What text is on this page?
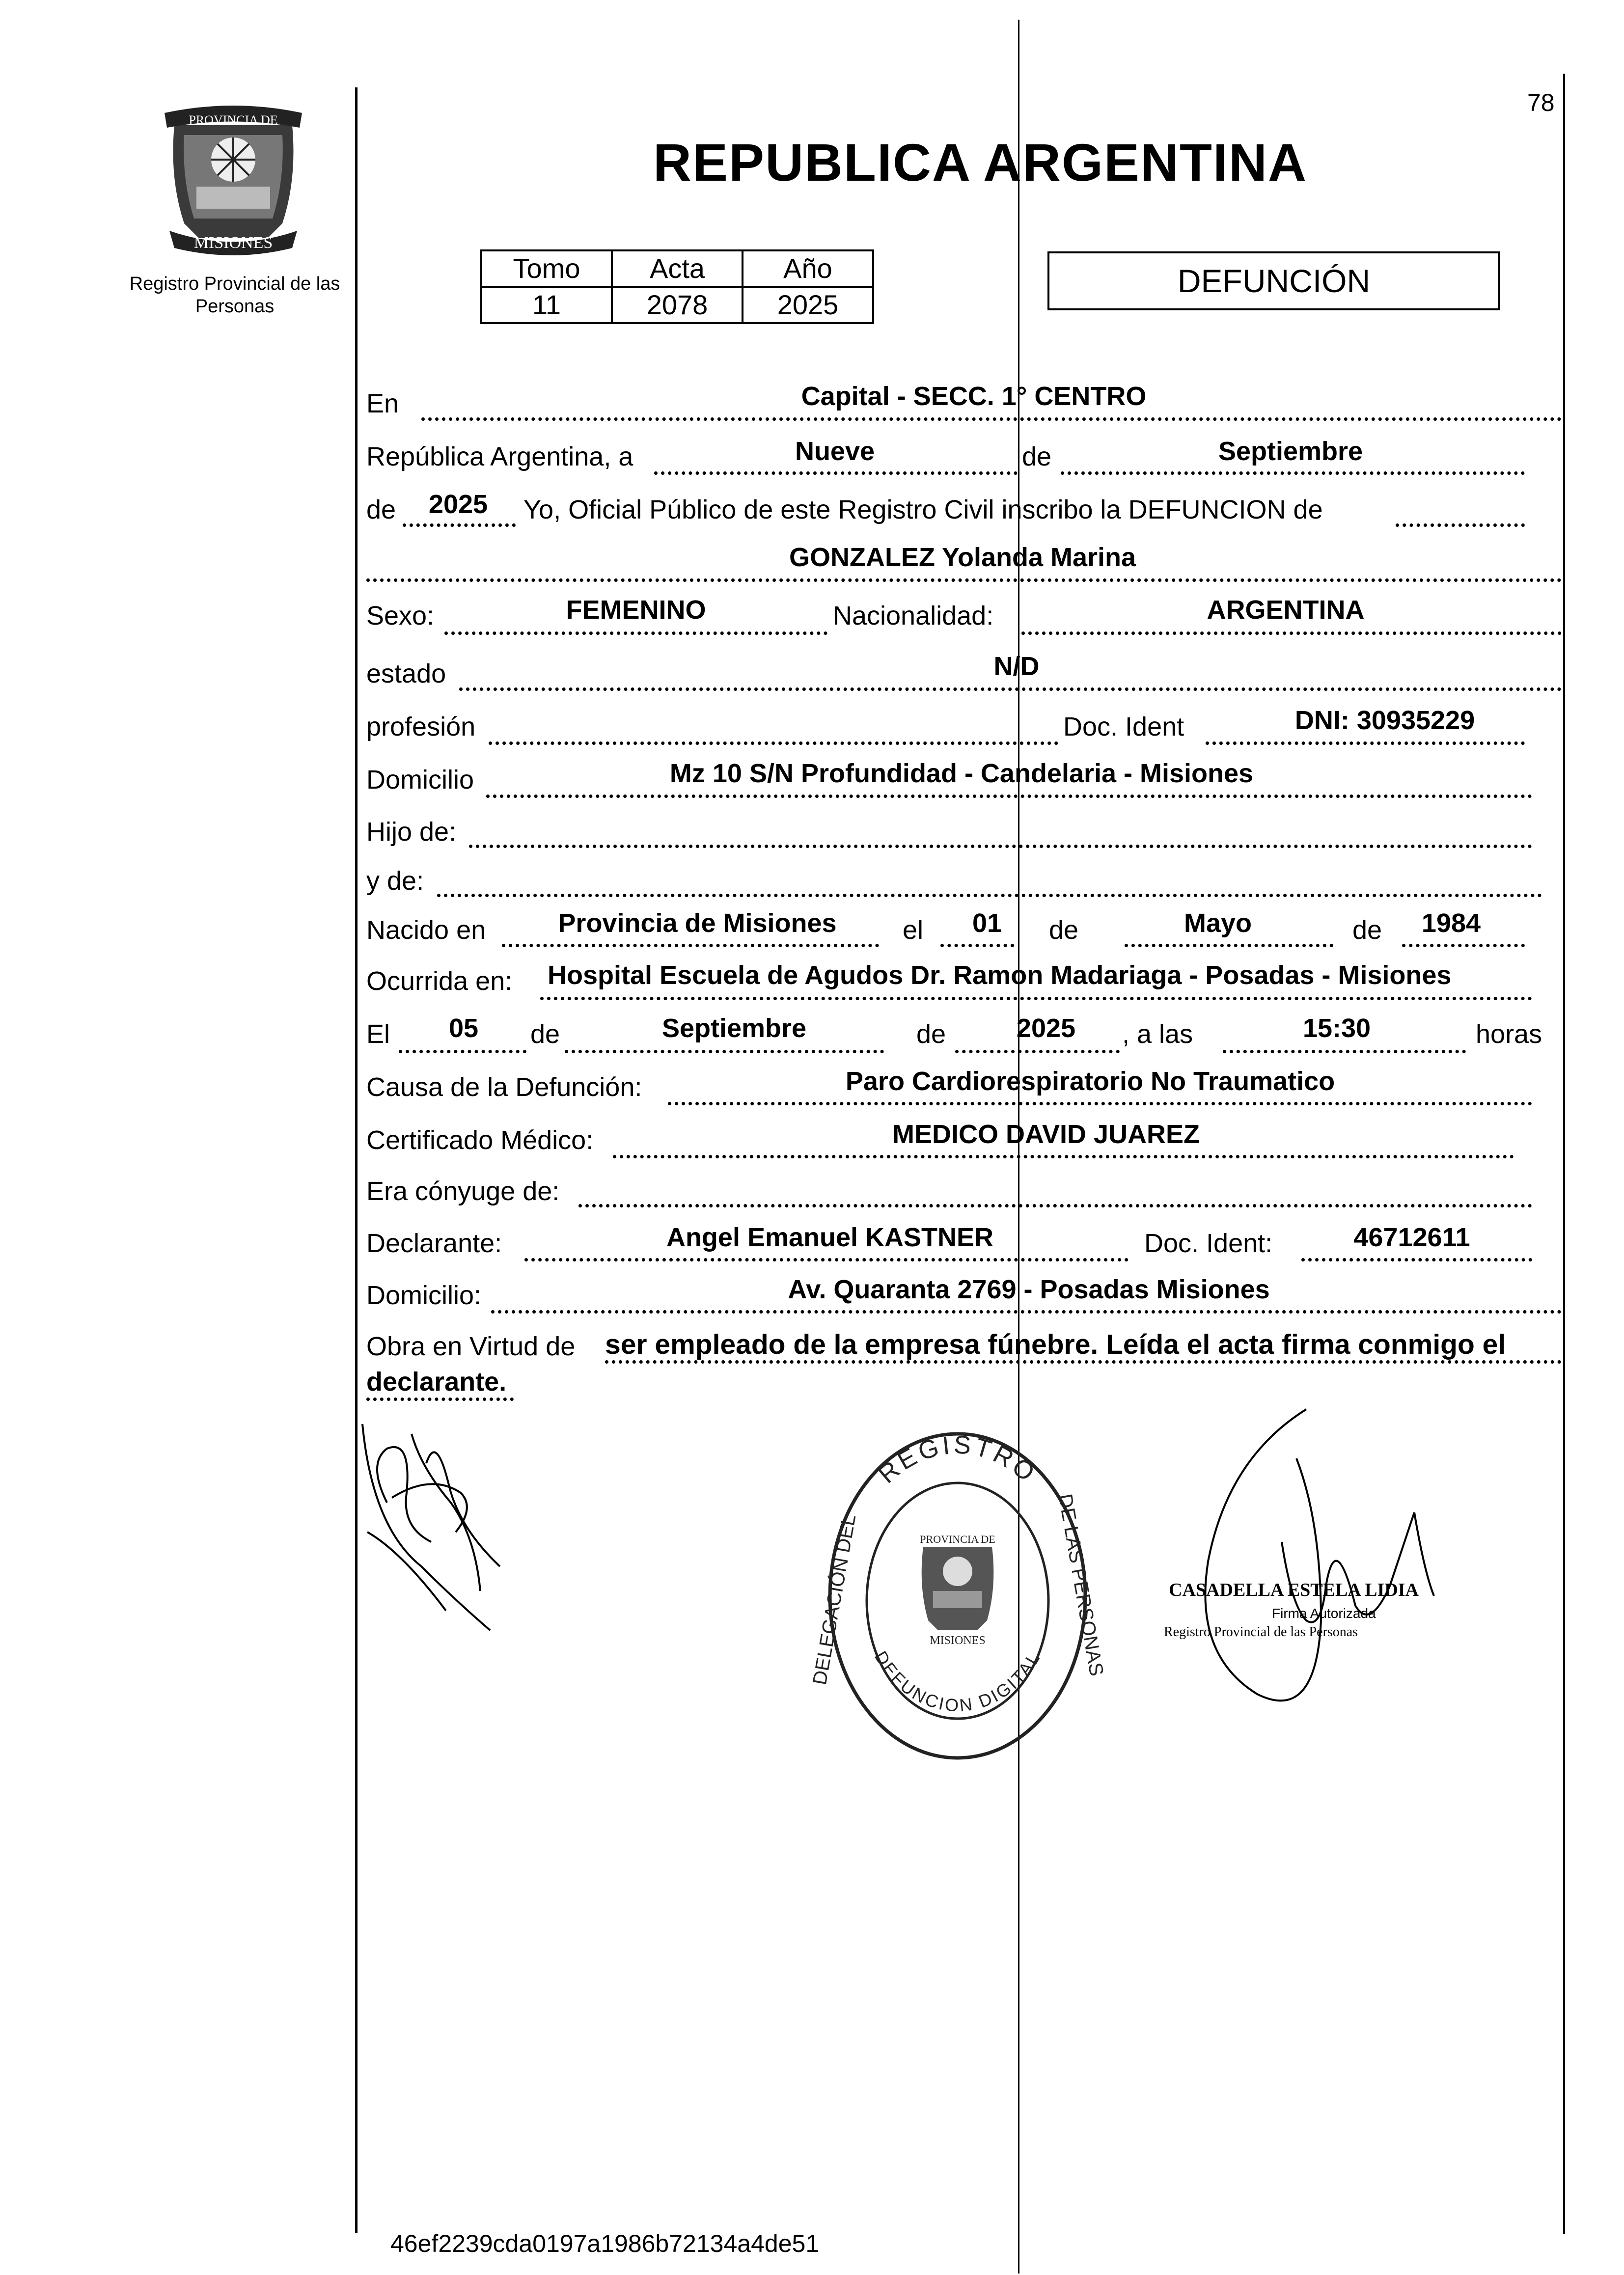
78
PROVINCIA DE
MISIONES
Registro Provincial de las Personas
REPUBLICA ARGENTINA
Tomo	Acta	Año
11	2078	2025
DEFUNCIÓN
En	Capital - SECC. 1° CENTRO
República Argentina, a	Nueve	de	Septiembre
de 2025 Yo, Oficial Público de este Registro Civil inscribo la DEFUNCION de
GONZALEZ Yolanda Marina
Sexo:	FEMENINO	Nacionalidad:	ARGENTINA
estado	N/D
profesión	Doc. Ident	DNI: 30935229
Domicilio	Mz 10 S/N Profundidad - Candelaria - Misiones
Hijo de:
y de:
Nacido en	Provincia de Misiones el 01 de	Mayo	de 1984
Ocurrida en: Hospital Escuela de Agudos Dr. Ramon Madariaga - Posadas - Misiones
El 05 de	Septiembre	de	2025 , a las	15:30	horas
Causa de la Defunción:	Paro Cardiorespiratorio No Traumatico
Certificado Médico:	MEDICO DAVID JUAREZ
Era cónyuge de:
Declarante:	Angel Emanuel KASTNER	Doc. Ident:	46712611
Domicilio:	Av. Quaranta 2769 - Posadas Misiones
Obra en Virtud de ser empleado de la empresa fúnebre. Leída el acta firma conmigo el
declarante.
REGISTRO
DE LAS PERSONAS
DELEGACIÓN DEL DEFUNCION DIGITAL
PROVINCIA DE
MISIONES
CASADELLA ESTELA LIDIA
Firma Autorizada
Registro Provincial de las Personas
46ef2239cda0197a1986b72134a4de51
